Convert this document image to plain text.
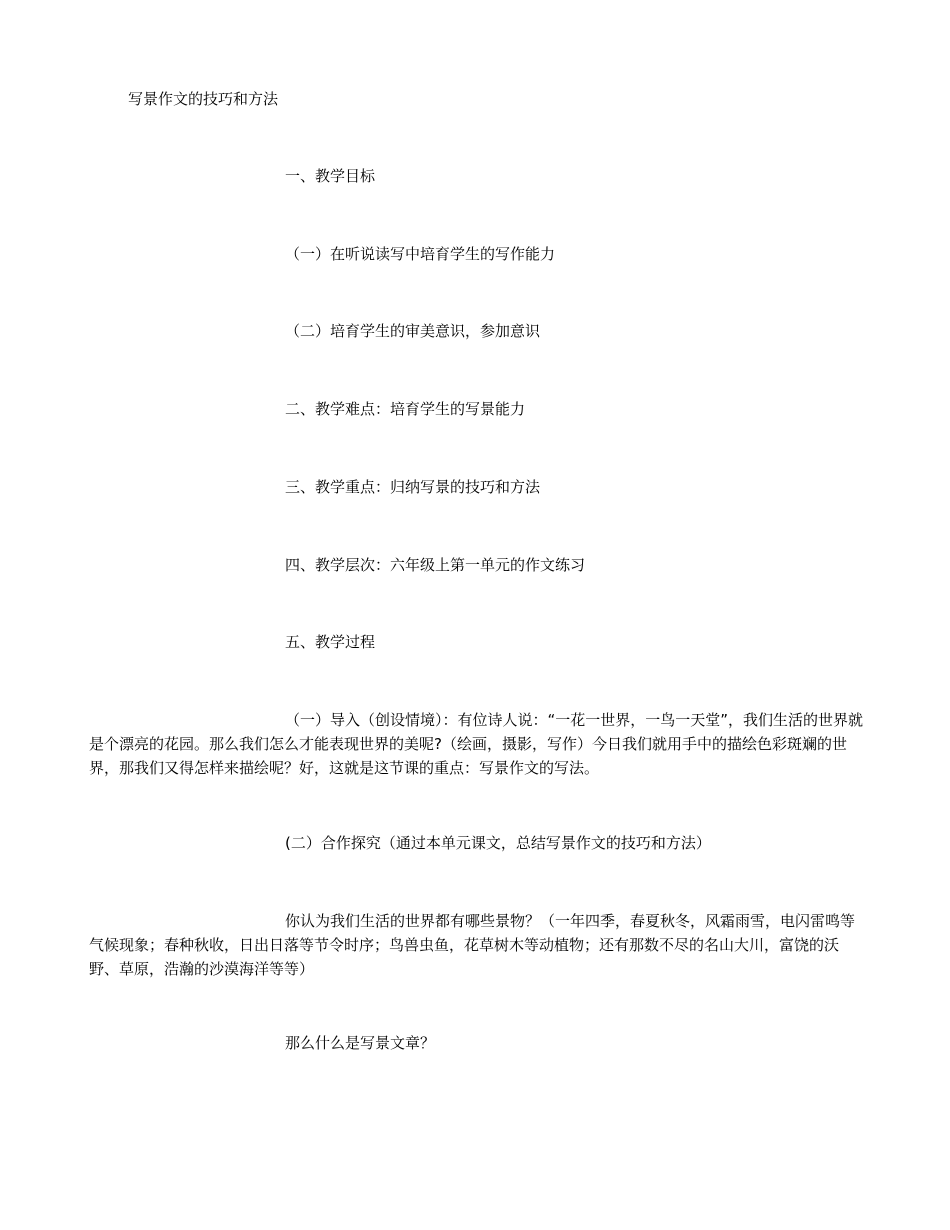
写景作文的技巧和方法
一、教学目标
（一）在听说读写中培育学生的写作能力
（二）培育学生的审美意识，参加意识
二、教学难点：培育学生的写景能力
三、教学重点：归纳写景的技巧和方法
四、教学层次：六年级上第一单元的作文练习
五、教学过程
（一）导入（创设情境）：有位诗人说：“一花一世界，一鸟一天堂”，我们生活的世界就是个漂亮的花园。那么我们怎么才能表现世界的美呢?（绘画，摄影，写作）今日我们就用手中的描绘色彩斑斓的世界，那我们又得怎样来描绘呢？好，这就是这节课的重点：写景作文的写法。
(二）合作探究（通过本单元课文，总结写景作文的技巧和方法）
你认为我们生活的世界都有哪些景物？（一年四季，春夏秋冬，风霜雨雪，电闪雷鸣等气候现象；春种秋收，日出日落等节令时序；鸟兽虫鱼，花草树木等动植物；还有那数不尽的名山大川，富饶的沃野、草原，浩瀚的沙漠海洋等等）
那么什么是写景文章？
